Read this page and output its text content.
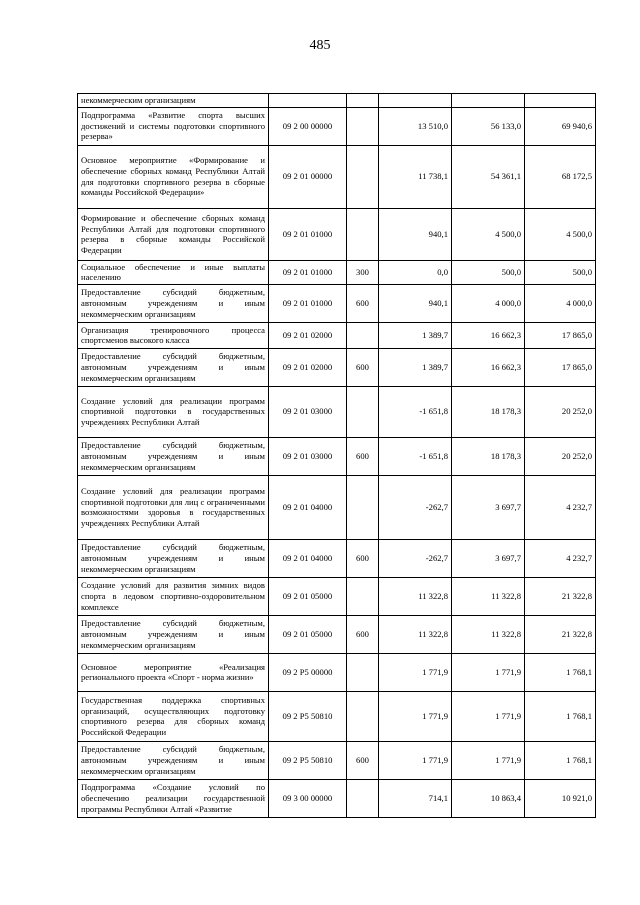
485
некоммерческим организациям					
Подпрограмма «Развитие спорта высших достижений и системы подготовки спортивного резерва»	09 2 00 00000		13 510,0	56 133,0	69 940,6
Основное мероприятие «Формирование и обеспечение сборных команд Республики Алтай для подготовки спортивного резерва в сборные команды Российской Федерации»	09 2 01 00000		11 738,1	54 361,1	68 172,5
Формирование и обеспечение сборных команд Республики Алтай для подготовки спортивного резерва в сборные команды Российской Федерации	09 2 01 01000		940,1	4 500,0	4 500,0
Социальное обеспечение и иные выплаты населению	09 2 01 01000	300	0,0	500,0	500,0
Предоставление субсидий бюджетным, автономным учреждениям и иным некоммерческим организациям	09 2 01 01000	600	940,1	4 000,0	4 000,0
Организация тренировочного процесса спортсменов высокого класса	09 2 01 02000		1 389,7	16 662,3	17 865,0
Предоставление субсидий бюджетным, автономным учреждениям и иным некоммерческим организациям	09 2 01 02000	600	1 389,7	16 662,3	17 865,0
Создание условий для реализации программ спортивной подготовки в государственных учреждениях Республики Алтай	09 2 01 03000		-1 651,8	18 178,3	20 252,0
Предоставление субсидий бюджетным, автономным учреждениям и иным некоммерческим организациям	09 2 01 03000	600	-1 651,8	18 178,3	20 252,0
Создание условий для реализации программ спортивной подготовки для лиц с ограниченными возможностями здоровья в государственных учреждениях Республики Алтай	09 2 01 04000		-262,7	3 697,7	4 232,7
Предоставление субсидий бюджетным, автономным учреждениям и иным некоммерческим организациям	09 2 01 04000	600	-262,7	3 697,7	4 232,7
Создание условий для развития зимних видов спорта в ледовом спортивно-оздоровительном комплексе	09 2 01 05000		11 322,8	11 322,8	21 322,8
Предоставление субсидий бюджетным, автономным учреждениям и иным некоммерческим организациям	09 2 01 05000	600	11 322,8	11 322,8	21 322,8
Основное мероприятие «Реализация регионального проекта «Спорт - норма жизни»	09 2 P5 00000		1 771,9	1 771,9	1 768,1
Государственная поддержка спортивных организаций, осуществляющих подготовку спортивного резерва для сборных команд Российской Федерации	09 2 P5 50810		1 771,9	1 771,9	1 768,1
Предоставление субсидий бюджетным, автономным учреждениям и иным некоммерческим организациям	09 2 P5 50810	600	1 771,9	1 771,9	1 768,1
Подпрограмма «Создание условий по обеспечению реализации государственной программы Республики Алтай «Развитие	09 3 00 00000		714,1	10 863,4	10 921,0
